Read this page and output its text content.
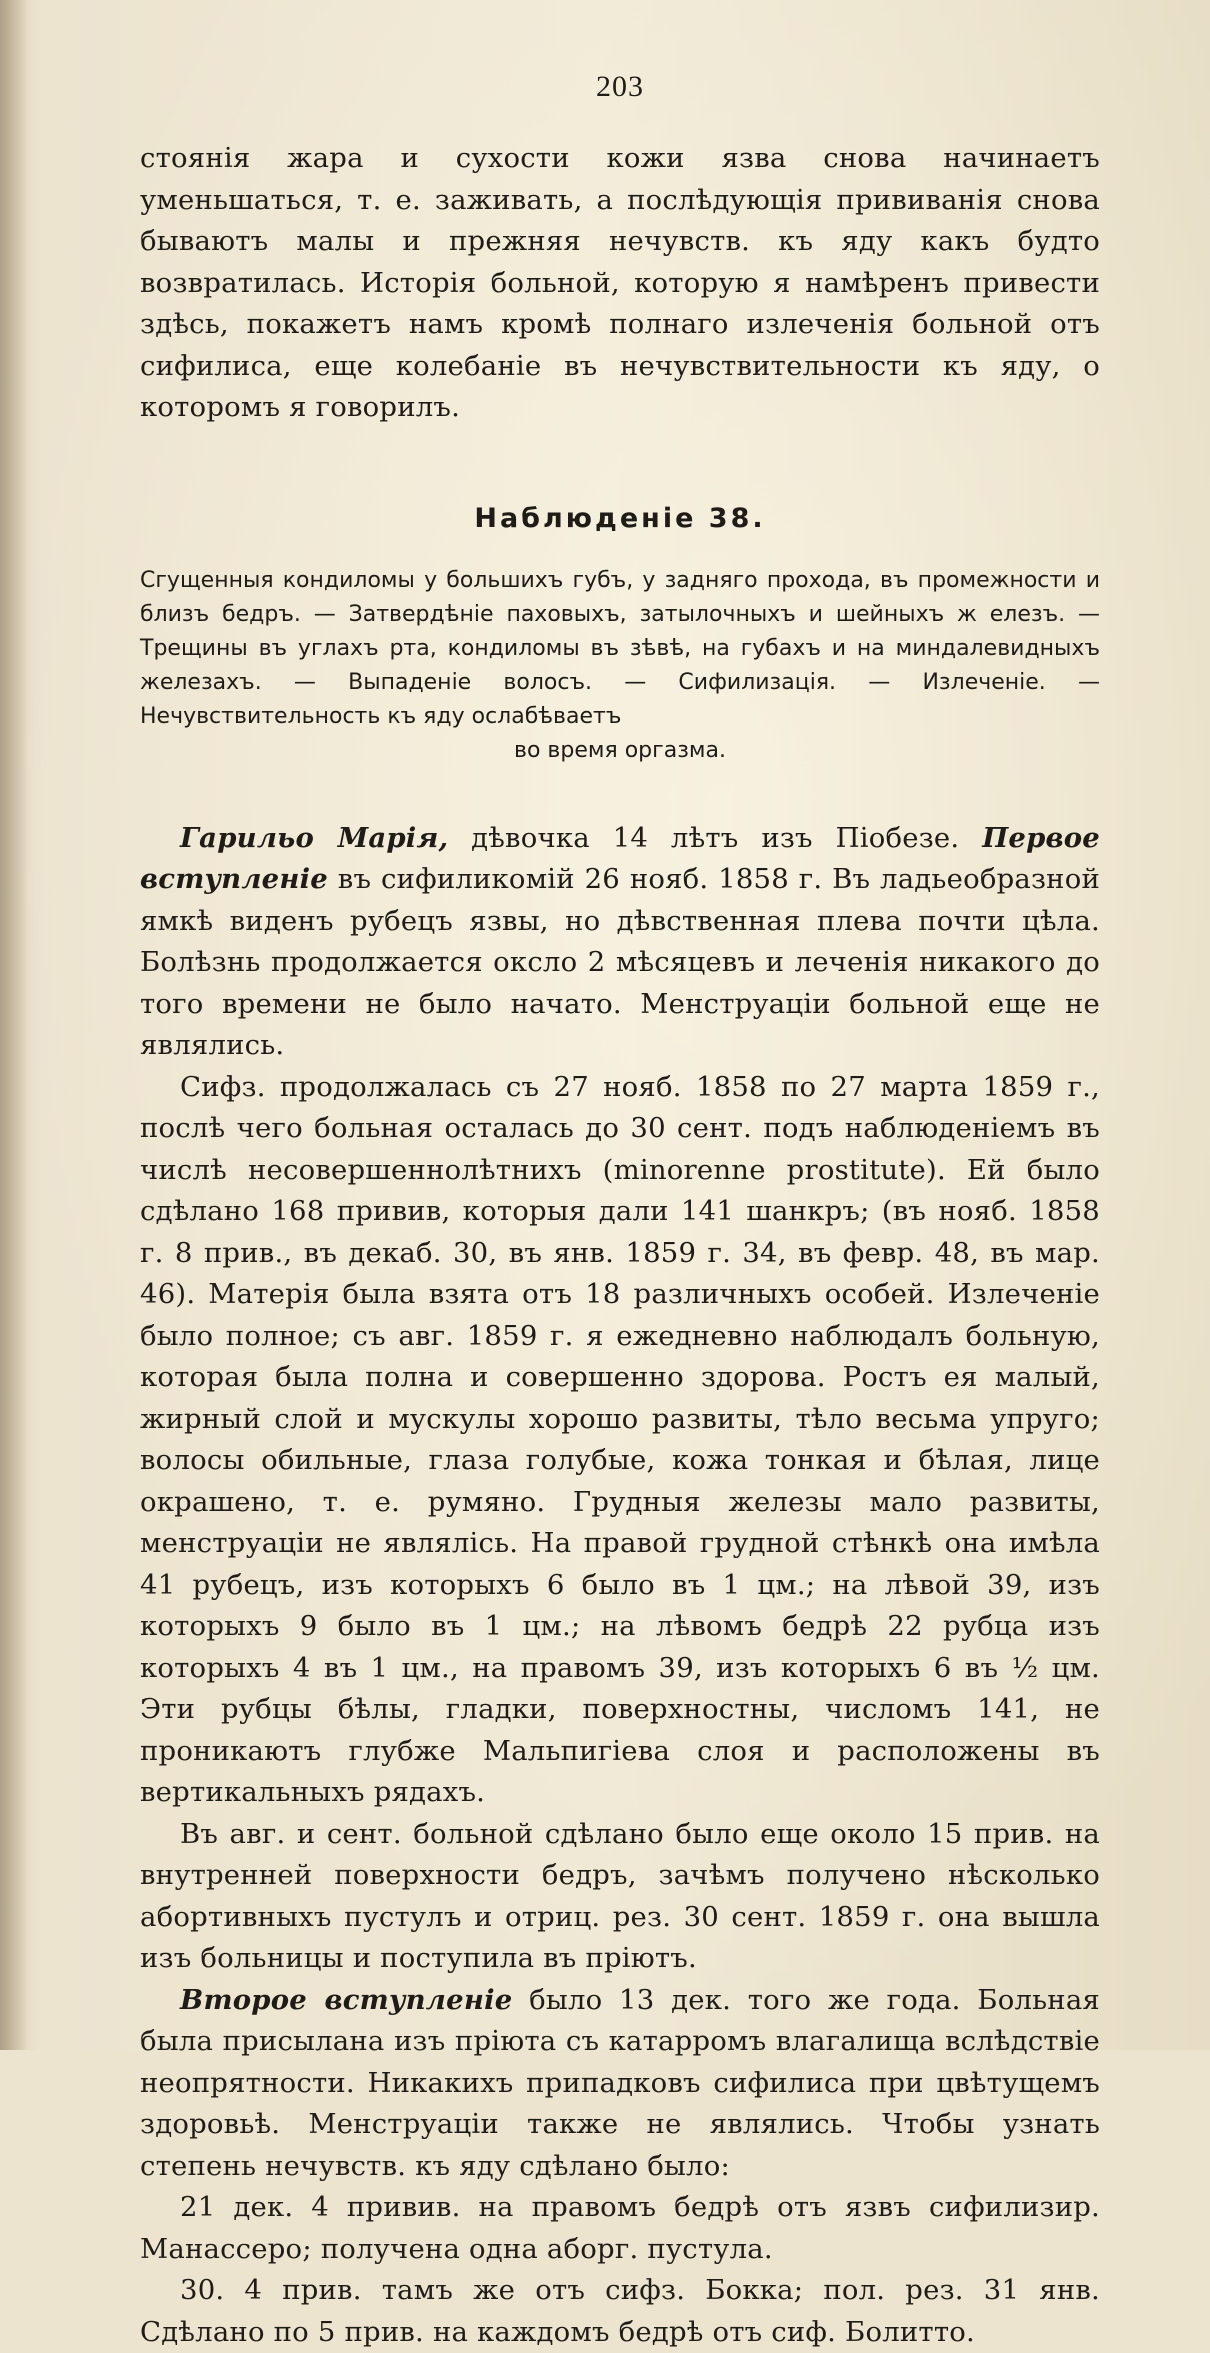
203

стоянія жара и сухости кожи язва снова начинаетъ уменьшаться, т. е. заживать, а послѣдующія прививанія снова бываютъ малы и прежняя нечувств. къ яду какъ будто возвратилась. Исторія больной, которую я намѣренъ привести здѣсь, покажетъ намъ кромѣ полнаго излеченія больной отъ сифилиса, еще колебаніе въ нечувствительности къ яду, о которомъ я говорилъ.

Наблюденіе 38.

Сгущенныя кондиломы у большихъ губъ, у задняго прохода, въ промежности и близъ бедръ. — Затвердѣніе паховыхъ, затылочныхъ и шейныхъ ж елезъ. — Трещины въ углахъ рта, кондиломы въ зѣвѣ, на губахъ и на миндалевидныхъ железахъ. — Выпаденіе волосъ. — Сифилизація. — Излеченіе. — Нечувствительность къ яду ослабѣваетъ
во время оргазма.

Гарильо Марія, дѣвочка 14 лѣтъ изъ Піобезе. Первое вступленіе въ сифиликомій 26 нояб. 1858 г. Въ ладьеобразной ямкѣ виденъ рубецъ язвы, но дѣвственная плева почти цѣла. Болѣзнь продолжается оксло 2 мѣсяцевъ и леченія никакого до того времени не было начато. Менструаціи больной еще не являлись.

Сифз. продолжалась съ 27 нояб. 1858 по 27 марта 1859 г., послѣ чего больная осталась до 30 сент. подъ наблюденіемъ въ числѣ несовершеннолѣтнихъ (minorenne prostitute). Ей было сдѣлано 168 привив, которыя дали 141 шанкръ; (въ нояб. 1858 г. 8 прив., въ декаб. 30, въ янв. 1859 г. 34, въ февр. 48, въ мар. 46). Матерія была взята отъ 18 различныхъ особей. Излеченіе было полное; съ авг. 1859 г. я ежедневно наблюдалъ больную, которая была полна и совершенно здорова. Ростъ ея малый, жирный слой и мускулы хорошо развиты, тѣло весьма упруго; волосы обильные, глаза голубые, кожа тонкая и бѣлая, лице окрашено, т. е. румяно. Грудныя железы мало развиты, менструаціи не являлісь. На правой грудной стѣнкѣ она имѣла 41 рубецъ, изъ которыхъ 6 было въ 1 цм.; на лѣвой 39, изъ которыхъ 9 было въ 1 цм.; на лѣвомъ бедрѣ 22 рубца изъ которыхъ 4 въ 1 цм., на правомъ 39, изъ которыхъ 6 въ ½ цм. Эти рубцы бѣлы, гладки, поверхностны, числомъ 141, не проникаютъ глубже Мальпигіева слоя и расположены въ вертикальныхъ рядахъ.

Въ авг. и сент. больной сдѣлано было еще около 15 прив. на внутренней поверхности бедръ, зачѣмъ получено нѣсколько абортивныхъ пустулъ и отриц. рез. 30 сент. 1859 г. она вышла изъ больницы и поступила въ пріютъ.

Второе вступленіе было 13 дек. того же года. Больная была присылана изъ пріюта съ катарромъ влагалища вслѣдствіе неопрятности. Никакихъ припадковъ сифилиса при цвѣтущемъ здоровьѣ. Менструаціи также не являлись. Чтобы узнать степень нечувств. къ яду сдѣлано было:

21 дек. 4 привив. на правомъ бедрѣ отъ язвъ сифилизир. Манассеро; получена одна аборг. пустула.

30. 4 прив. тамъ же отъ сифз. Бокка; пол. рез. 31 янв. Сдѣлано по 5 прив. на каждомъ бедрѣ отъ сиф. Болитто.
